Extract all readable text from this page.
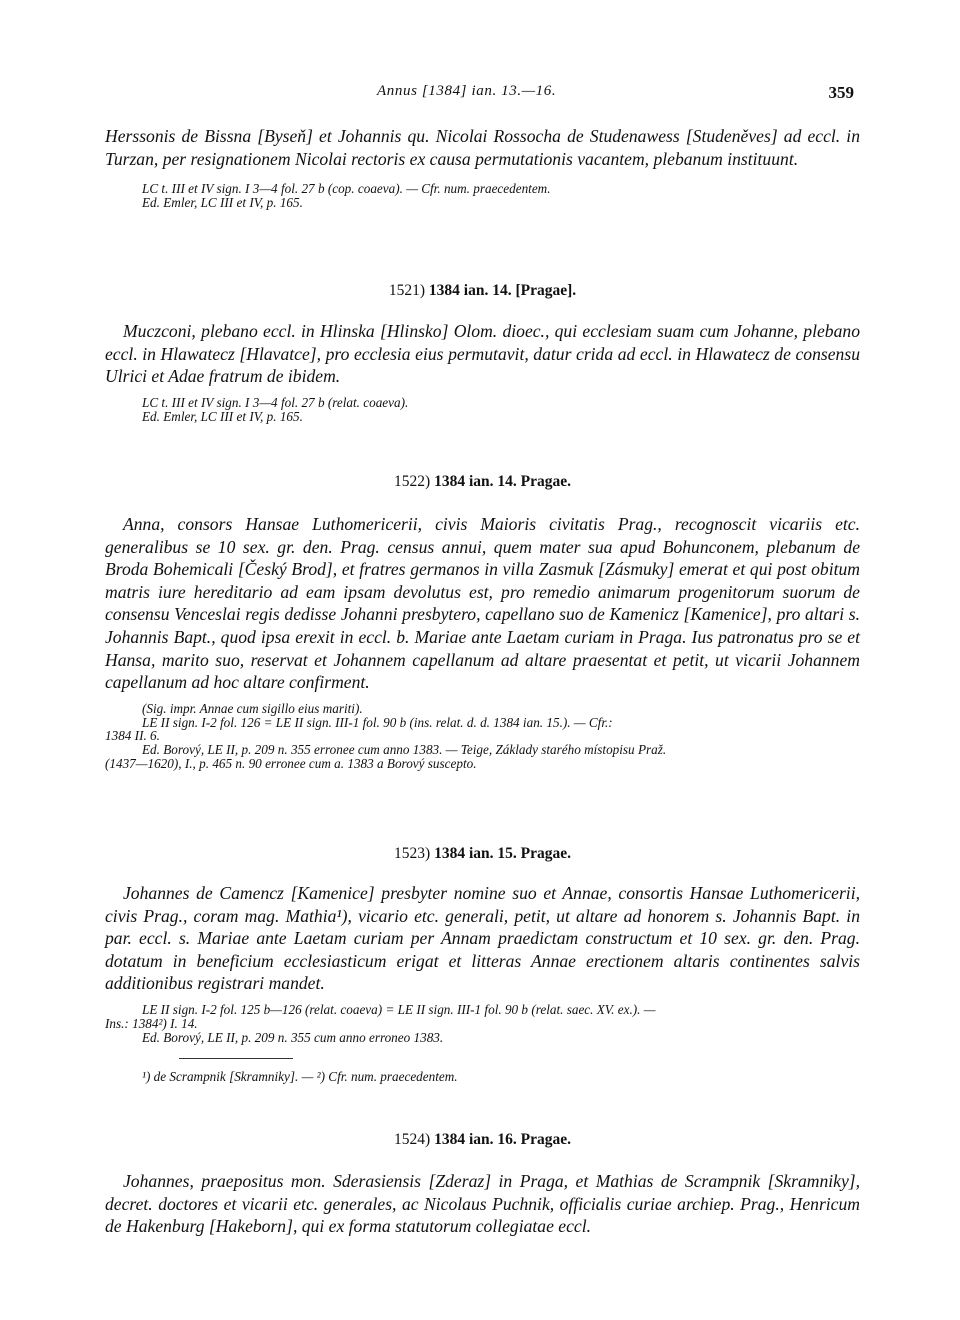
Annus [1384] ian. 13.—16.	359

Herssonis de Bissna [Byseň] et Johannis qu. Nicolai Rossocha de Studenawess [Studeněves] ad eccl. in Turzan, per resignationem Nicolai rectoris ex causa permutationis vacantem, plebanum instituunt.

LC t. III et IV sign. I 3—4 fol. 27 b (cop. coaeva). — Cfr. num. praecedentem.
Ed. Emler, LC III et IV, p. 165.

1521) 1384 ian. 14. [Pragae].

Muczconi, plebano eccl. in Hlinska [Hlinsko] Olom. dioec., qui ecclesiam suam cum Johanne, plebano eccl. in Hlawatecz [Hlavatce], pro ecclesia eius permutavit, datur crida ad eccl. in Hlawatecz de consensu Ulrici et Adae fratrum de ibidem.

LC t. III et IV sign. I 3—4 fol. 27 b (relat. coaeva).
Ed. Emler, LC III et IV, p. 165.

1522) 1384 ian. 14. Pragae.

Anna, consors Hansae Luthomericerii, civis Maioris civitatis Prag., recognoscit vicariis etc. generalibus se 10 sex. gr. den. Prag. census annui, quem mater sua apud Bohunconem, plebanum de Broda Bohemicali [Český Brod], et fratres germanos in villa Zasmuk [Zásmuky] emerat et qui post obitum matris iure hereditario ad eam ipsam devolutus est, pro remedio animarum progenitorum suorum de consensu Venceslai regis dedisse Johanni presbytero, capellano suo de Kamenicz [Kamenice], pro altari s. Johannis Bapt., quod ipsa erexit in eccl. b. Mariae ante Laetam curiam in Praga. Ius patronatus pro se et Hansa, marito suo, reservat et Johannem capellanum ad altare praesentat et petit, ut vicarii Johannem capellanum ad hoc altare confirment.

(Sig. impr. Annae cum sigillo eius mariti).
LE II sign. I-2 fol. 126 = LE II sign. III-1 fol. 90 b (ins. relat. d. d. 1384 ian. 15.). — Cfr.:

1384 II. 6.

Ed. Borový, LE II, p. 209 n. 355 erronee cum anno 1383. — Teige, Základy starého místopisu Praž.

(1437—1620), I., p. 465 n. 90 erronee cum a. 1383 a Borový suscepto.

1523) 1384 ian. 15. Pragae.

Johannes de Camencz [Kamenice] presbyter nomine suo et Annae, consortis Hansae Luthomericerii, civis Prag., coram mag. Mathia¹), vicario etc. generali, petit, ut altare ad honorem s. Johannis Bapt. in par. eccl. s. Mariae ante Laetam curiam per Annam praedictam constructum et 10 sex. gr. den. Prag. dotatum in beneficium ecclesiasticum erigat et litteras Annae erectionem altaris continentes salvis additionibus registrari mandet.

LE II sign. I-2 fol. 125 b—126 (relat. coaeva) = LE II sign. III-1 fol. 90 b (relat. saec. XV. ex.). —

Ins.: 1384²) I. 14.

Ed. Borový, LE II, p. 209 n. 355 cum anno erroneo 1383.

¹) de Scrampnik [Skramniky]. — ²) Cfr. num. praecedentem.

1524) 1384 ian. 16. Pragae.

Johannes, praepositus mon. Sderasiensis [Zderaz] in Praga, et Mathias de Scrampnik [Skramniky], decret. doctores et vicarii etc. generales, ac Nicolaus Puchnik, officialis curiae archiep. Prag., Henricum de Hakenburg [Hakeborn], qui ex forma statutorum collegiatae eccl.
